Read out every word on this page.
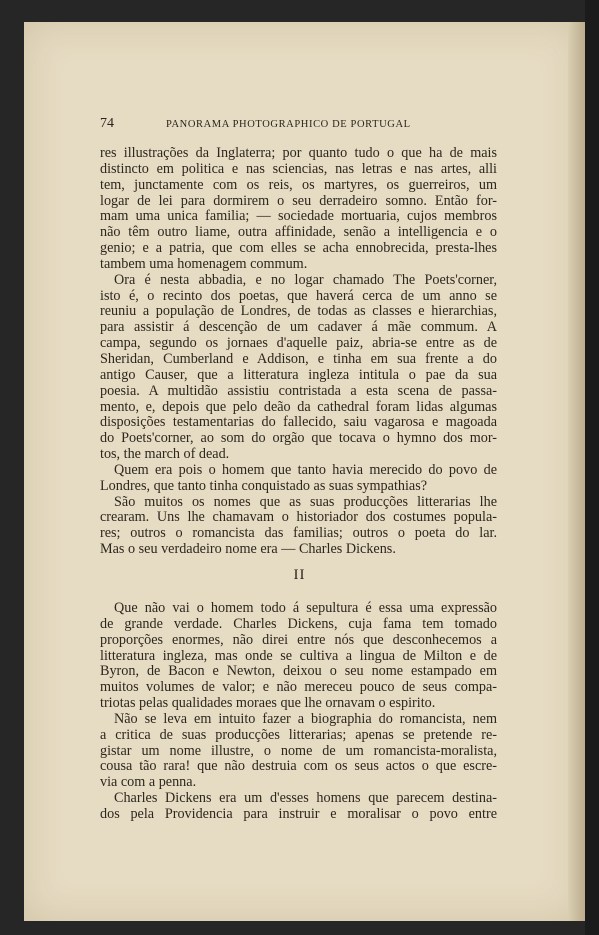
74	PANORAMA PHOTOGRAPHICO DE PORTUGAL
res illustrações da Inglaterra; por quanto tudo o que ha de mais
distincto em politica e nas sciencias, nas letras e nas artes, alli
tem, junctamente com os reis, os martyres, os guerreiros, um
logar de lei para dormirem o seu derradeiro somno. Então for-
mam uma unica familia; — sociedade mortuaria, cujos membros
não têm outro liame, outra affinidade, senão a intelligencia e o
genio; e a patria, que com elles se acha ennobrecida, presta-lhes
tambem uma homenagem commum.
Ora é nesta abbadia, e no logar chamado The Poets'corner,
isto é, o recinto dos poetas, que haverá cerca de um anno se
reuniu a população de Londres, de todas as classes e hierarchias,
para assistir á descenção de um cadaver á mãe commum. A
campa, segundo os jornaes d'aquelle paiz, abria-se entre as de
Sheridan, Cumberland e Addison, e tinha em sua frente a do
antigo Causer, que a litteratura ingleza intitula o pae da sua
poesia. A multidão assistiu contristada a esta scena de passa-
mento, e, depois que pelo deão da cathedral foram lidas algumas
disposições testamentarias do fallecido, saiu vagarosa e magoada
do Poets'corner, ao som do orgão que tocava o hymno dos mor-
tos, the march of dead.
Quem era pois o homem que tanto havia merecido do povo de
Londres, que tanto tinha conquistado as suas sympathias?
São muitos os nomes que as suas producções litterarias lhe
crearam. Uns lhe chamavam o historiador dos costumes popula-
res; outros o romancista das familias; outros o poeta do lar.
Mas o seu verdadeiro nome era — Charles Dickens.
II
Que não vai o homem todo á sepultura é essa uma expressão
de grande verdade. Charles Dickens, cuja fama tem tomado
proporções enormes, não direi entre nós que desconhecemos a
litteratura ingleza, mas onde se cultiva a lingua de Milton e de
Byron, de Bacon e Newton, deixou o seu nome estampado em
muitos volumes de valor; e não mereceu pouco de seus compa-
triotas pelas qualidades moraes que lhe ornavam o espirito.
Não se leva em intuito fazer a biographia do romancista, nem
a critica de suas producções litterarias; apenas se pretende re-
gistar um nome illustre, o nome de um romancista-moralista,
cousa tão rara! que não destruia com os seus actos o que escre-
via com a penna.
Charles Dickens era um d'esses homens que parecem destina-
dos pela Providencia para instruir e moralisar o povo entre
